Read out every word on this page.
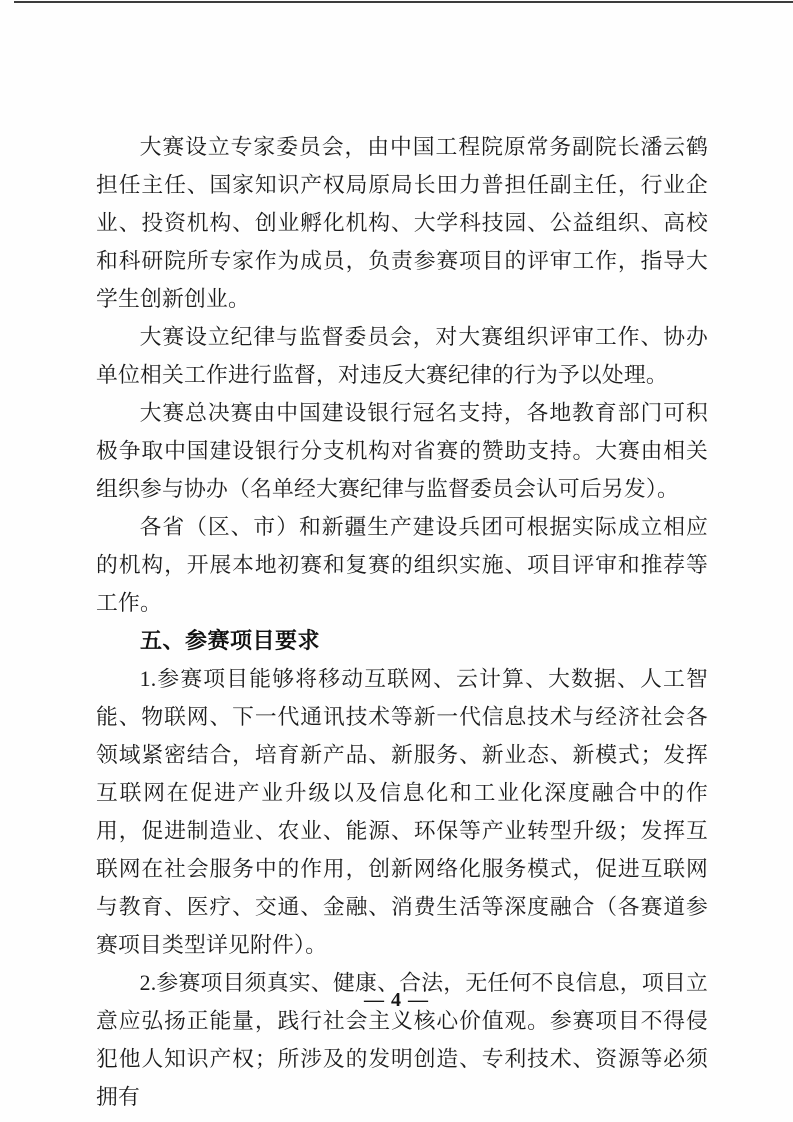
大赛设立专家委员会，由中国工程院原常务副院长潘云鹤担任主任、国家知识产权局原局长田力普担任副主任，行业企业、投资机构、创业孵化机构、大学科技园、公益组织、高校和科研院所专家作为成员，负责参赛项目的评审工作，指导大学生创新创业。

大赛设立纪律与监督委员会，对大赛组织评审工作、协办单位相关工作进行监督，对违反大赛纪律的行为予以处理。

大赛总决赛由中国建设银行冠名支持，各地教育部门可积极争取中国建设银行分支机构对省赛的赞助支持。大赛由相关组织参与协办（名单经大赛纪律与监督委员会认可后另发）。

各省（区、市）和新疆生产建设兵团可根据实际成立相应的机构，开展本地初赛和复赛的组织实施、项目评审和推荐等工作。

五、参赛项目要求

1.参赛项目能够将移动互联网、云计算、大数据、人工智能、物联网、下一代通讯技术等新一代信息技术与经济社会各领域紧密结合，培育新产品、新服务、新业态、新模式；发挥互联网在促进产业升级以及信息化和工业化深度融合中的作用，促进制造业、农业、能源、环保等产业转型升级；发挥互联网在社会服务中的作用，创新网络化服务模式，促进互联网与教育、医疗、交通、金融、消费生活等深度融合（各赛道参赛项目类型详见附件）。

2.参赛项目须真实、健康、合法，无任何不良信息，项目立意应弘扬正能量，践行社会主义核心价值观。参赛项目不得侵犯他人知识产权；所涉及的发明创造、专利技术、资源等必须拥有

— 4 —
